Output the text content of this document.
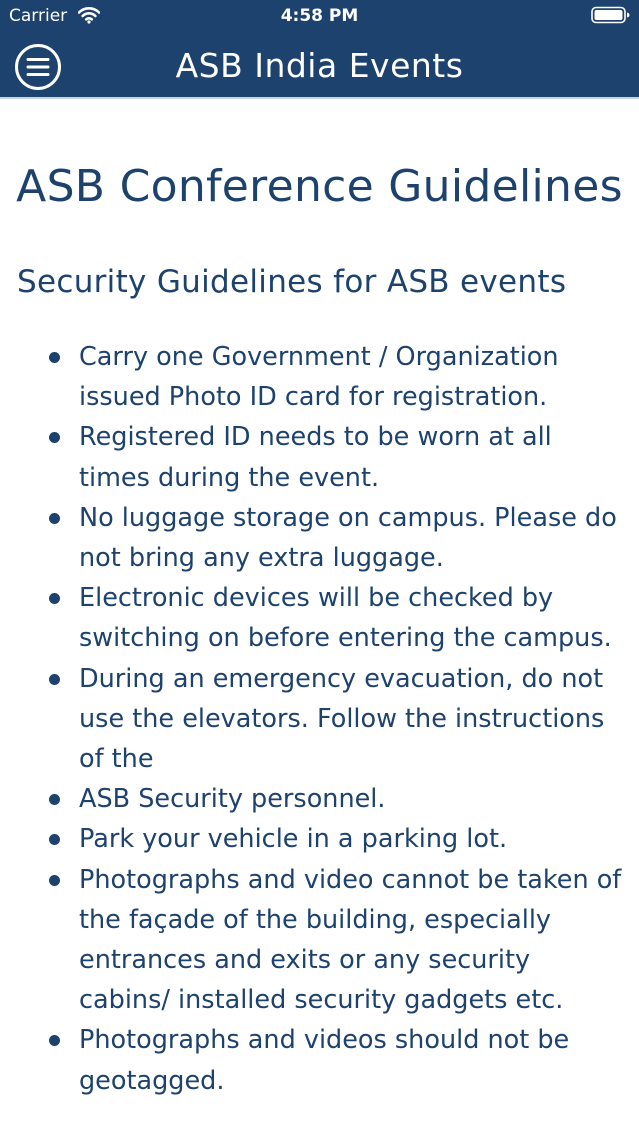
Carrier	4:58 PM
ASB India Events
ASB Conference Guidelines
Security Guidelines for ASB events
Carry one Government / Organization issued Photo ID card for registration.
Registered ID needs to be worn at all times during the event.
No luggage storage on campus. Please do not bring any extra luggage.
Electronic devices will be checked by switching on before entering the campus.
During an emergency evacuation, do not use the elevators. Follow the instructions of the
ASB Security personnel.
Park your vehicle in a parking lot.
Photographs and video cannot be taken of the façade of the building, especially entrances and exits or any security cabins/ installed security gadgets etc.
Photographs and videos should not be geotagged.
